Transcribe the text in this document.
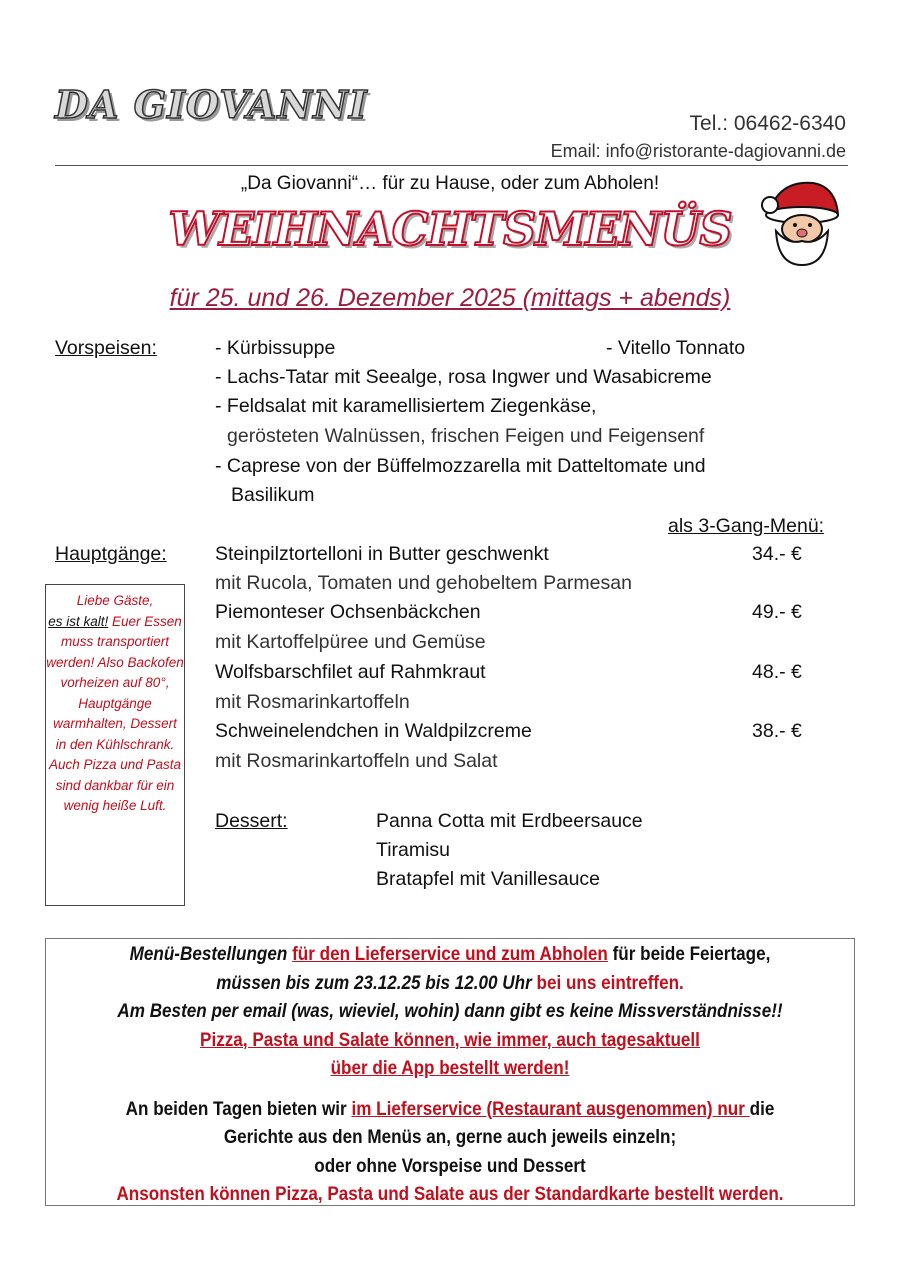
DA GIOVANNI	Tel.: 06462-6340
Email: info@ristorante-dagiovanni.de
„Da Giovanni“… für zu Hause, oder zum Abholen!
WEIHNACHTSMENÜS
für 25. und 26. Dezember 2025 (mittags + abends)
Vorspeisen:	- Kürbissuppe	- Vitello Tonnato
- Lachs-Tatar mit Seealge, rosa Ingwer und Wasabicreme
- Feldsalat mit karamellisiertem Ziegenkäse,
gerösteten Walnüssen, frischen Feigen und Feigensenf
- Caprese von der Büffelmozzarella mit Datteltomate und
Basilikum
als 3-Gang-Menü:
Hauptgänge: Steinpilztortelloni in Butter geschwenkt	34.- €
mit Rucola, Tomaten und gehobeltem Parmesan
Piemonteser Ochsenbäckchen	49.- €
mit Kartoffelpüree und Gemüse
Wolfsbarschfilet auf Rahmkraut	48.- €
mit Rosmarinkartoffeln
Schweinelendchen in Waldpilzcreme	38.- €
mit Rosmarinkartoffeln und Salat
Dessert:	Panna Cotta mit Erdbeersauce
Tiramisu
Bratapfel mit Vanillesauce
Liebe Gäste,
es ist kalt! Euer Essen muss transportiert werden! Also Backofen vorheizen auf 80°, Hauptgänge warmhalten, Dessert in den Kühlschrank. Auch Pizza und Pasta sind dankbar für ein wenig heiße Luft.
Menü-Bestellungen für den Lieferservice und zum Abholen für beide Feiertage,
müssen bis zum 23.12.25 bis 12.00 Uhr bei uns eintreffen.
Am Besten per email (was, wieviel, wohin) dann gibt es keine Missverständnisse!!
Pizza, Pasta und Salate können, wie immer, auch tagesaktuell
über die App bestellt werden!
An beiden Tagen bieten wir im Lieferservice (Restaurant ausgenommen) nur die
Gerichte aus den Menüs an, gerne auch jeweils einzeln;
oder ohne Vorspeise und Dessert
Ansonsten können Pizza, Pasta und Salate aus der Standardkarte bestellt werden.
